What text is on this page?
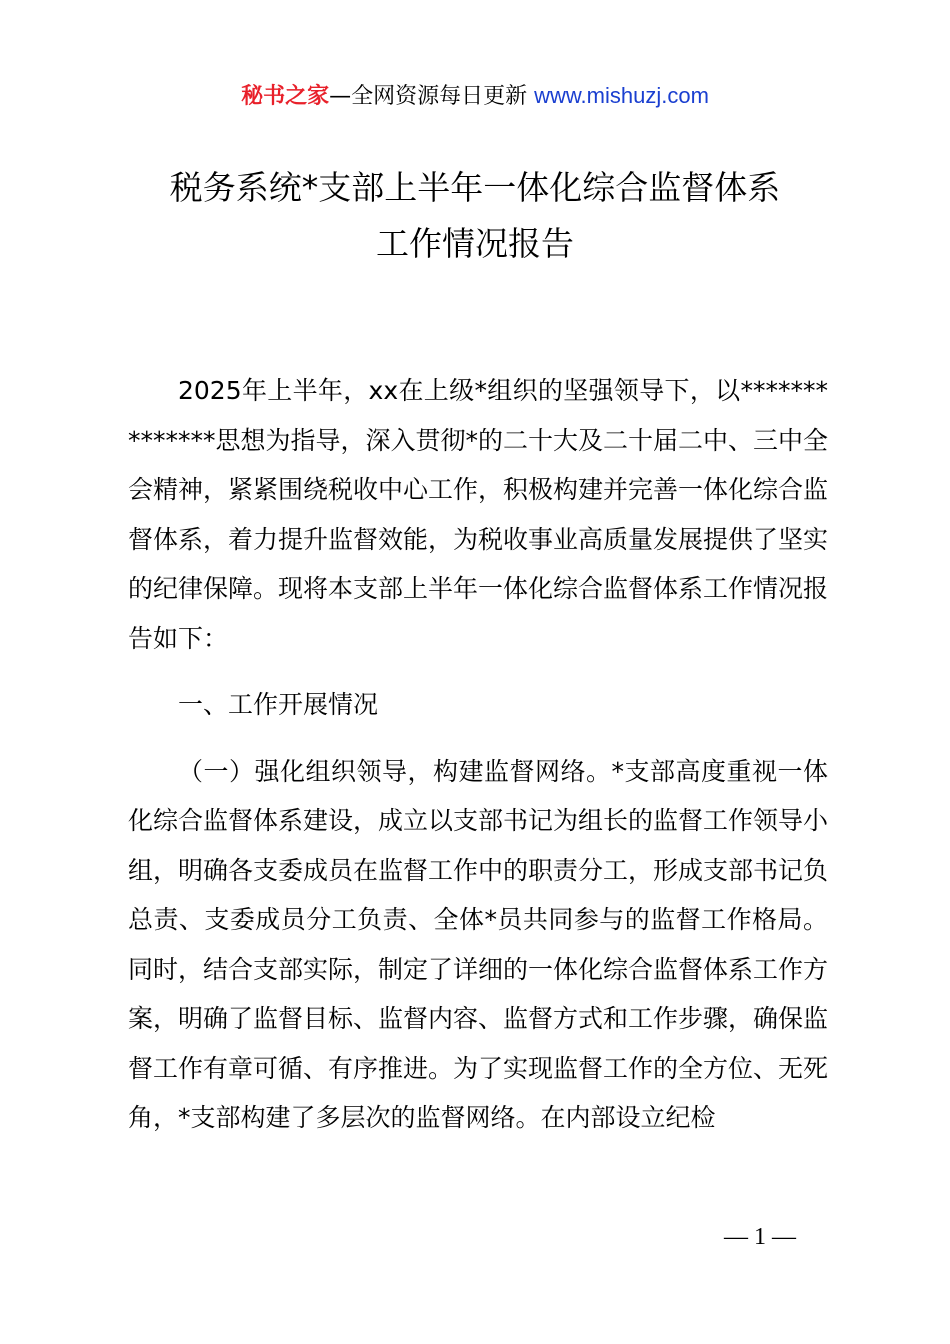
秘书之家—全网资源每日更新 www.mishuzj.com
税务系统*支部上半年一体化综合监督体系
工作情况报告

2025年上半年，xx在上级*组织的坚强领导下，以**************思想为指导，深入贯彻*的二十大及二十届二中、三中全会精神，紧紧围绕税收中心工作，积极构建并完善一体化综合监督体系，着力提升监督效能，为税收事业高质量发展提供了坚实的纪律保障。现将本支部上半年一体化综合监督体系工作情况报告如下：

一、工作开展情况

（一）强化组织领导，构建监督网络。*支部高度重视一体化综合监督体系建设，成立以支部书记为组长的监督工作领导小组，明确各支委成员在监督工作中的职责分工，形成支部书记负总责、支委成员分工负责、全体*员共同参与的监督工作格局。同时，结合支部实际，制定了详细的一体化综合监督体系工作方案，明确了监督目标、监督内容、监督方式和工作步骤，确保监督工作有章可循、有序推进。为了实现监督工作的全方位、无死角，*支部构建了多层次的监督网络。在内部设立纪检

— 1 —
